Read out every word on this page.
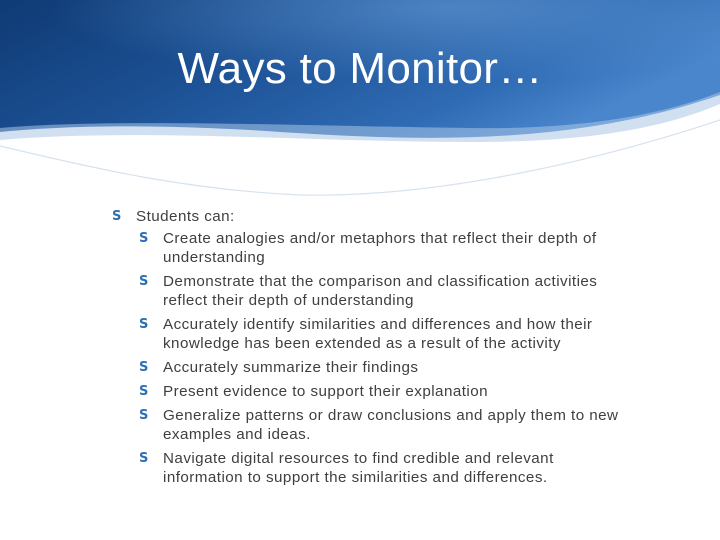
Ways to Monitor…
S Students can:
S Create analogies and/or metaphors that reflect their depth of understanding
S Demonstrate that the comparison and classification activities reflect their depth of understanding
S Accurately identify similarities and differences and how their knowledge has been extended as a result of the activity
S Accurately summarize their findings
S Present evidence to support their explanation
S Generalize patterns or draw conclusions and apply them to new examples and ideas.
S Navigate digital resources to find credible and relevant information to support the similarities and differences.
